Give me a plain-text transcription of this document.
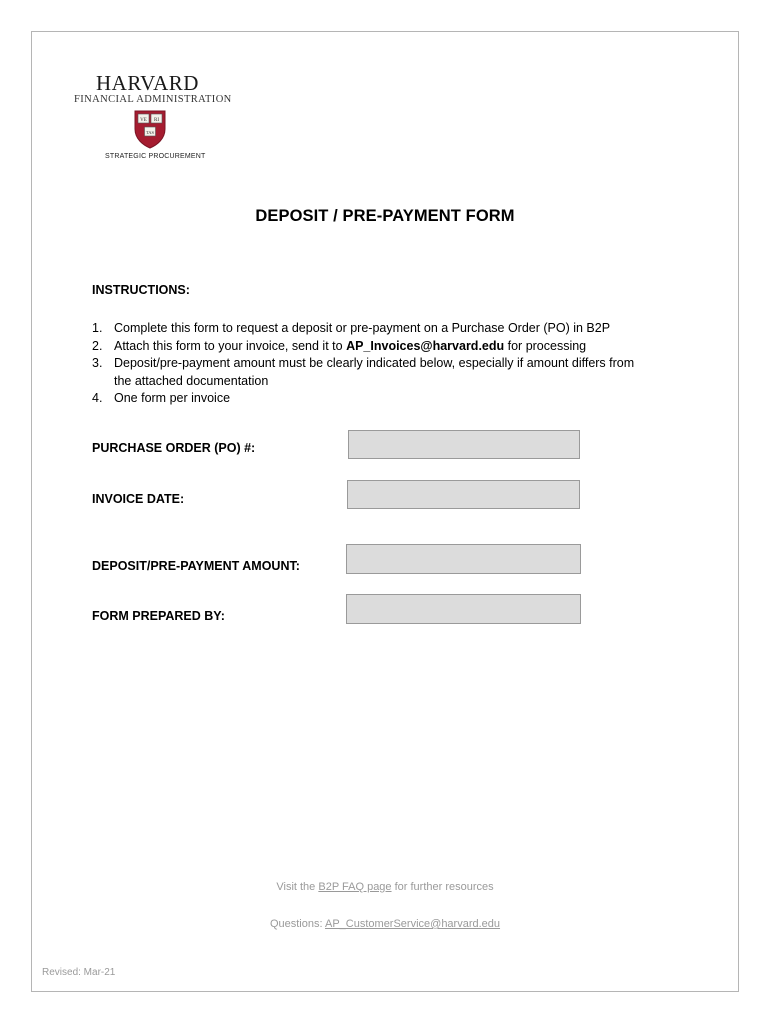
HARVARD
FINANCIAL ADMINISTRATION
VE RI
TAS
STRATEGIC PROCUREMENT
DEPOSIT / PRE-PAYMENT FORM
INSTRUCTIONS:
1. Complete this form to request a deposit or pre-payment on a Purchase Order (PO) in B2P
2. Attach this form to your invoice, send it to AP_Invoices@harvard.edu for processing
3. Deposit/pre-payment amount must be clearly indicated below, especially if amount differs from the attached documentation
4. One form per invoice
PURCHASE ORDER (PO) #:
INVOICE DATE:
DEPOSIT/PRE-PAYMENT AMOUNT:
FORM PREPARED BY:
Visit the B2P FAQ page for further resources
Questions: AP_CustomerService@harvard.edu
Revised: Mar-21
